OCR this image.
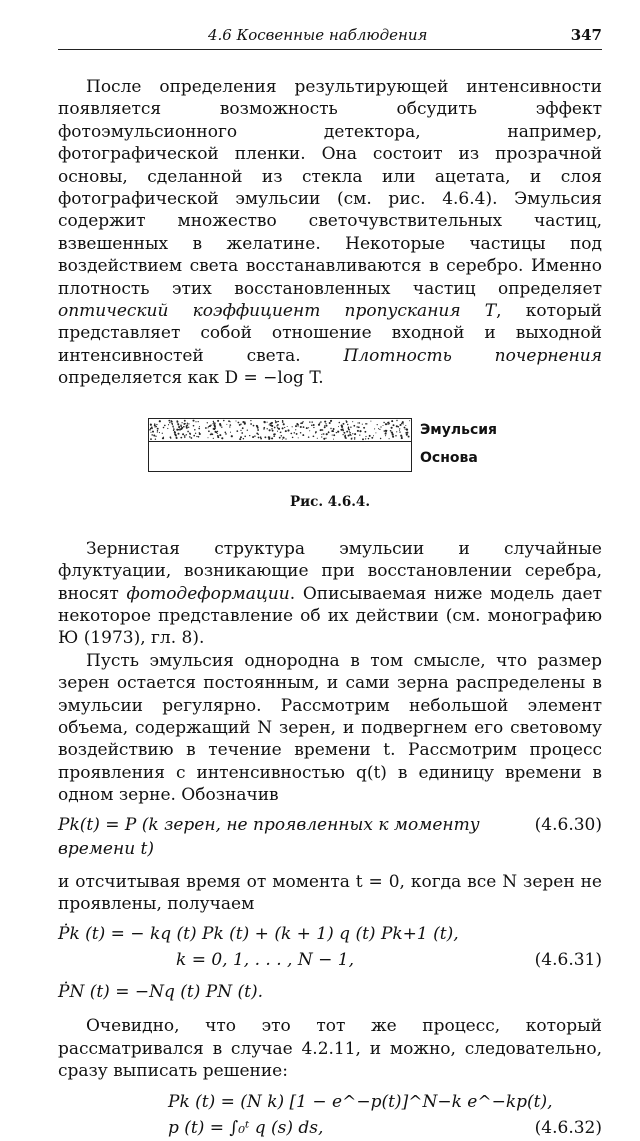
4.6 Косвенные наблюдения	347

После определения результирующей интенсивности появляется возможность обсудить эффект фотоэмульсионного детектора, например, фотографической пленки. Она состоит из прозрачной основы, сделанной из стекла или ацетата, и слоя фотографической эмульсии (см. рис. 4.6.4). Эмульсия содержит множество светочувствительных частиц, взвешенных в желатине. Некоторые частицы под воздействием света восстанавливаются в серебро. Именно плотность этих восстановленных частиц определяет оптический коэффициент пропускания T, который представляет собой отношение входной и выходной интенсивностей света. Плотность почернения определяется как D = −log T.

Эмульсия
Основа
Рис. 4.6.4.

Зернистая структура эмульсии и случайные флуктуации, возникающие при восстановлении серебра, вносят фотодеформации. Описываемая ниже модель дает некоторое представление об их действии (см. монографию Ю (1973), гл. 8).

Пусть эмульсия однородна в том смысле, что размер зерен остается постоянным, и сами зерна распределены в эмульсии регулярно. Рассмотрим небольшой элемент объема, содержащий N зерен, и подвергнем его световому воздействию в течение времени t. Рассмотрим процесс проявления с интенсивностью q(t) в единицу времени в одном зерне. Обозначив

Pk(t) = P (k зерен, не проявленных к моменту времени t)
(4.6.30)

и отсчитывая время от момента t = 0, когда все N зерен не проявлены, получаем

Ṗk (t) = − kq (t) Pk (t) + (k + 1) q (t) Pk+1 (t),
k = 0, 1, . . . , N − 1,	(4.6.31)
ṖN (t) = −Nq (t) PN (t).

Очевидно, что это тот же процесс, который рассматривался в случае 4.2.11, и можно, следовательно, сразу выписать решение:

Pk (t) = (N k) [1 − e^−p(t)]^N−k e^−kp(t),
p (t) = ∫₀ᵗ q (s) ds,	(4.6.32)
